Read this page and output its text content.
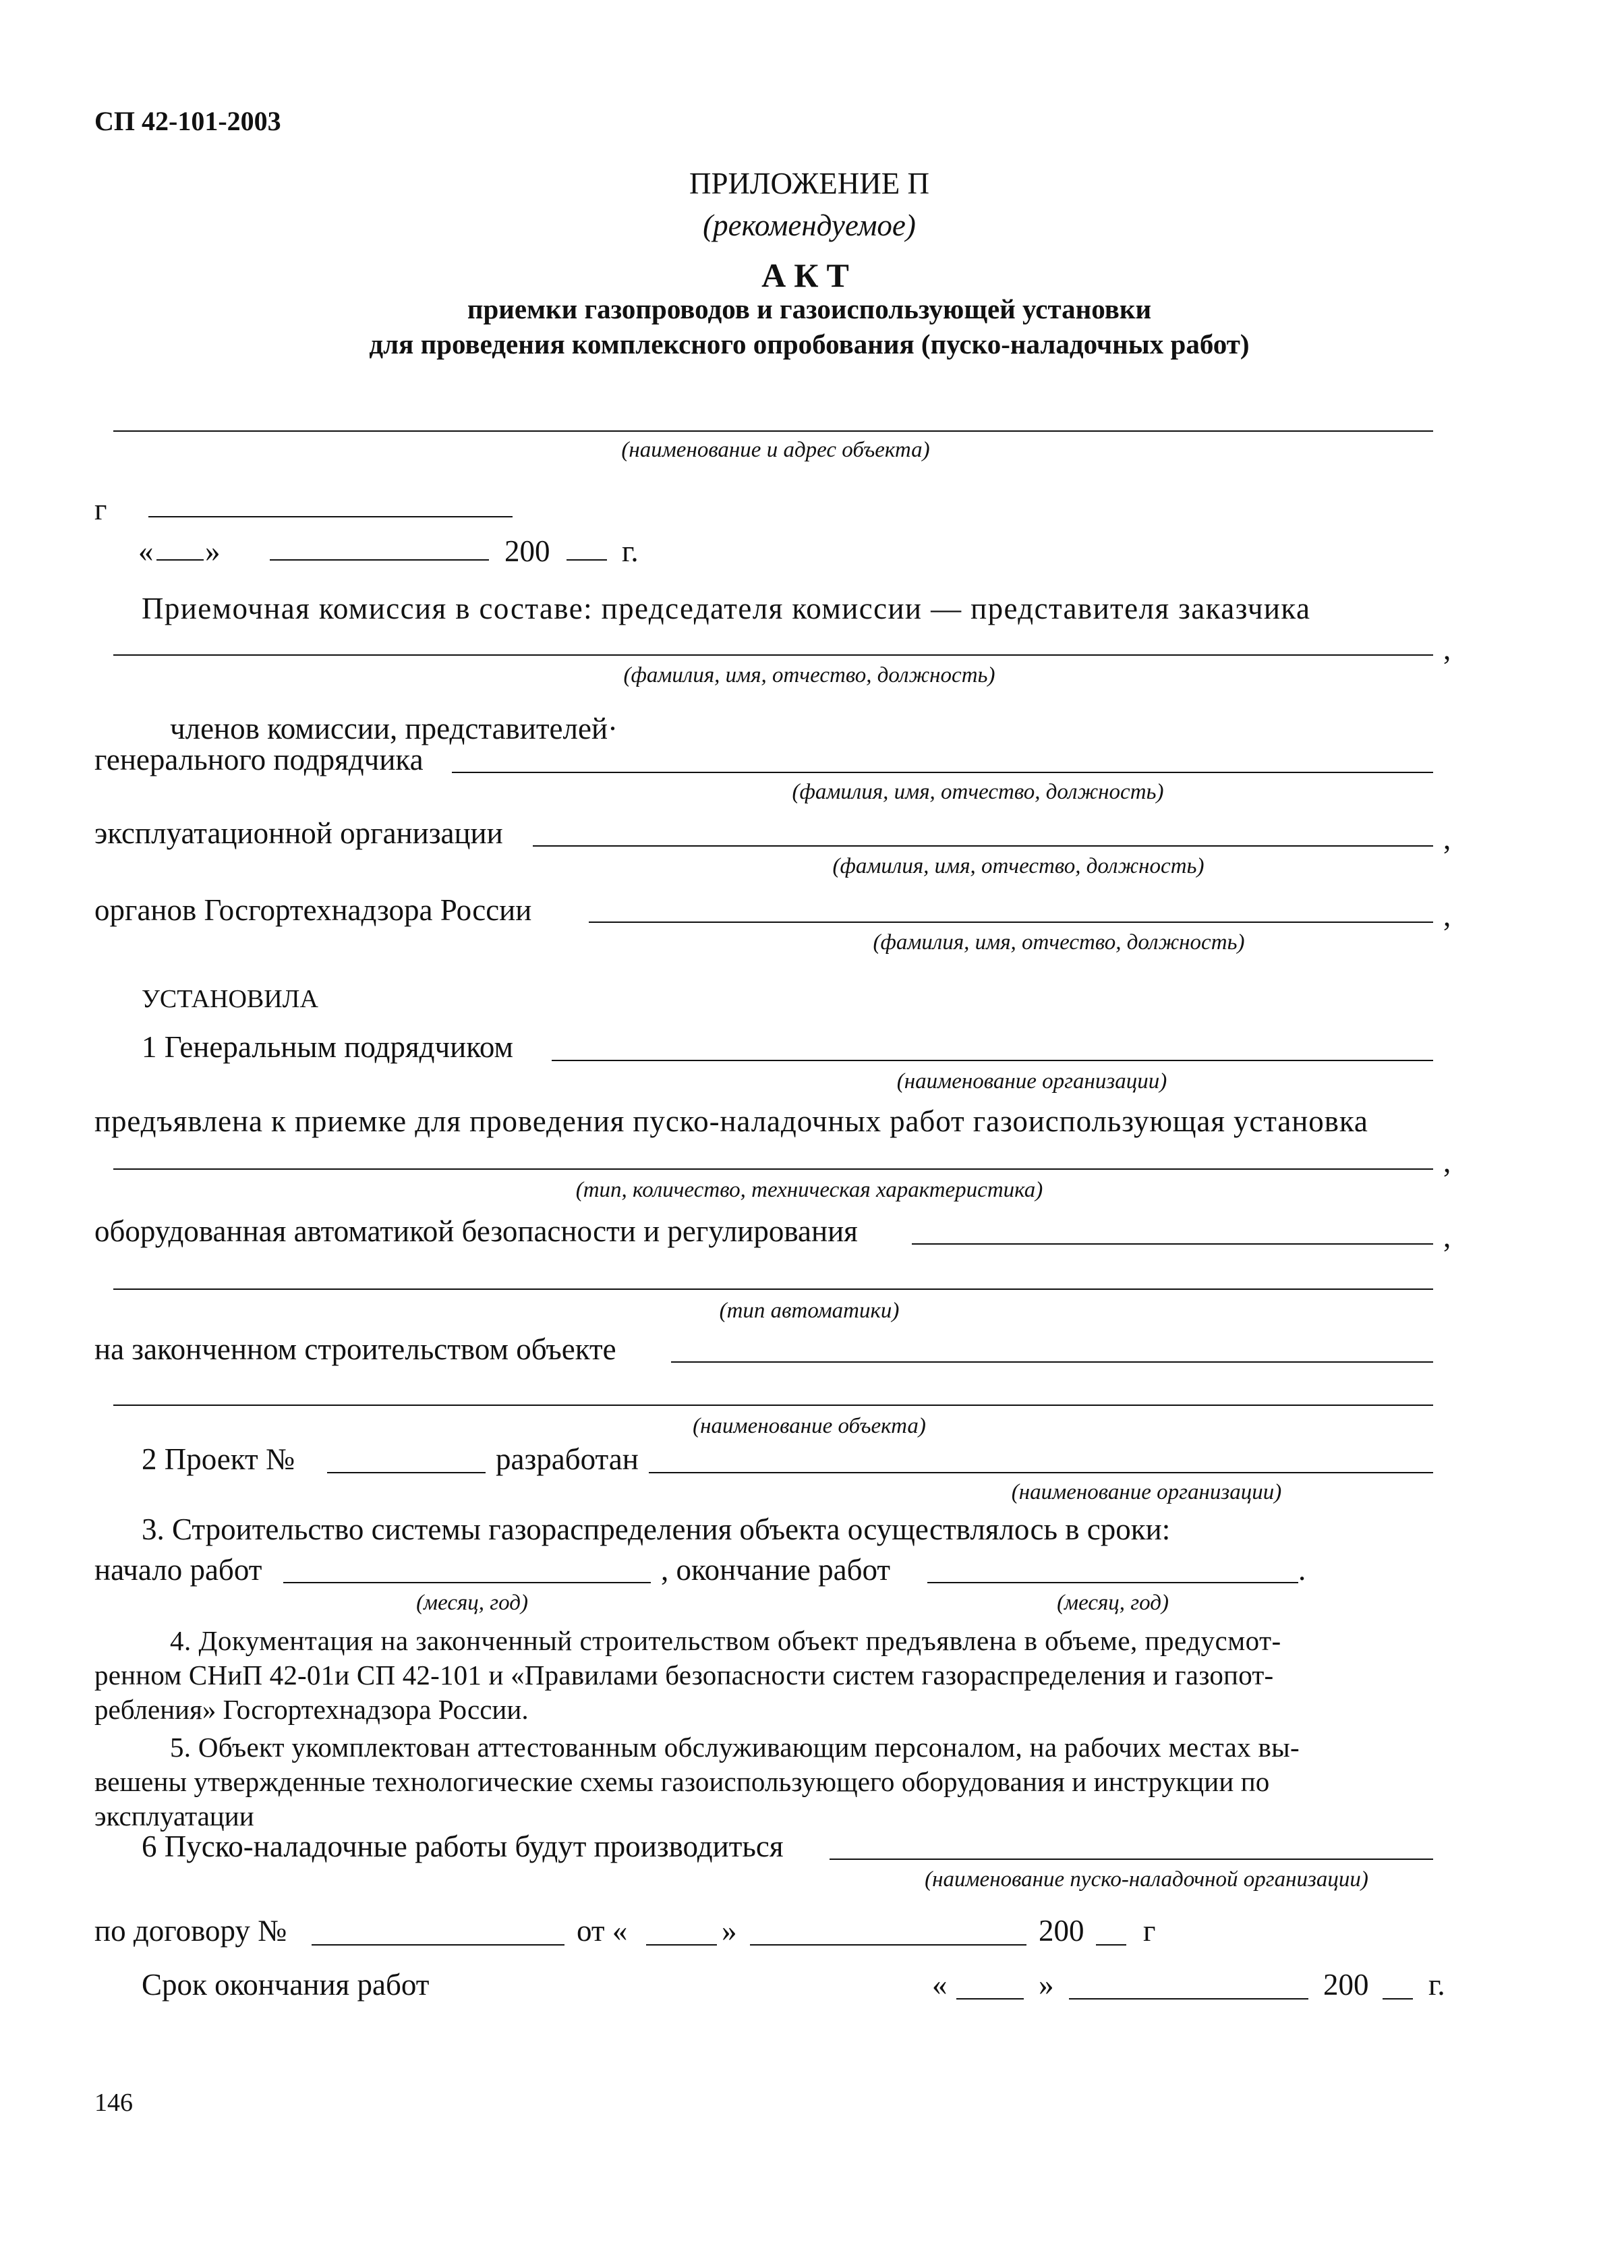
СП 42-101-2003
ПРИЛОЖЕНИЕ П
(рекомендуемое)
АКТ
приемки газопроводов и газоиспользующей установки
для проведения комплексного опробования (пуско-наладочных работ)
(наименование и адрес объекта)
г
« »	200 г.
Приемочная комиссия в составе: председателя комиссии — представителя заказчика
,
(фамилия, имя, отчество, должность)
членов комиссии, представителей·
генерального подрядчика
(фамилия, имя, отчество, должность)
эксплуатационной организации	,
(фамилия, имя, отчество, должность)
органов Госгортехнадзора России	,
(фамилия, имя, отчество, должность)
УСТАНОВИЛА
1 Генеральным подрядчиком
(наименование организации)
предъявлена к приемке для проведения пуско-наладочных работ газоиспользующая установка
,
(тип, количество, техническая характеристика)
оборудованная автоматикой безопасности и регулирования	,
(тип автоматики)
на законченном строительством объекте
(наименование объекта)
2 Проект №	разработан
(наименование организации)
3. Строительство системы газораспределения объекта осуществлялось в сроки:
начало работ	, окончание работ	.
(месяц, год)	(месяц, год)
4. Документация на законченный строительством объект предъявлена в объеме, предусмот-
ренном СНиП 42-01и СП 42-101 и «Правилами безопасности систем газораспределения и газопот-
ребления» Госгортехнадзора России.
5. Объект укомплектован аттестованным обслуживающим персоналом, на рабочих местах вы-
вешены утвержденные технологические схемы газоиспользующего оборудования и инструкции по
эксплуатации
6 Пуско-наладочные работы будут производиться
(наименование пуско-наладочной организации)
по договору №	от «	»	200 г
Срок окончания работ	«	»	200 г.
146
